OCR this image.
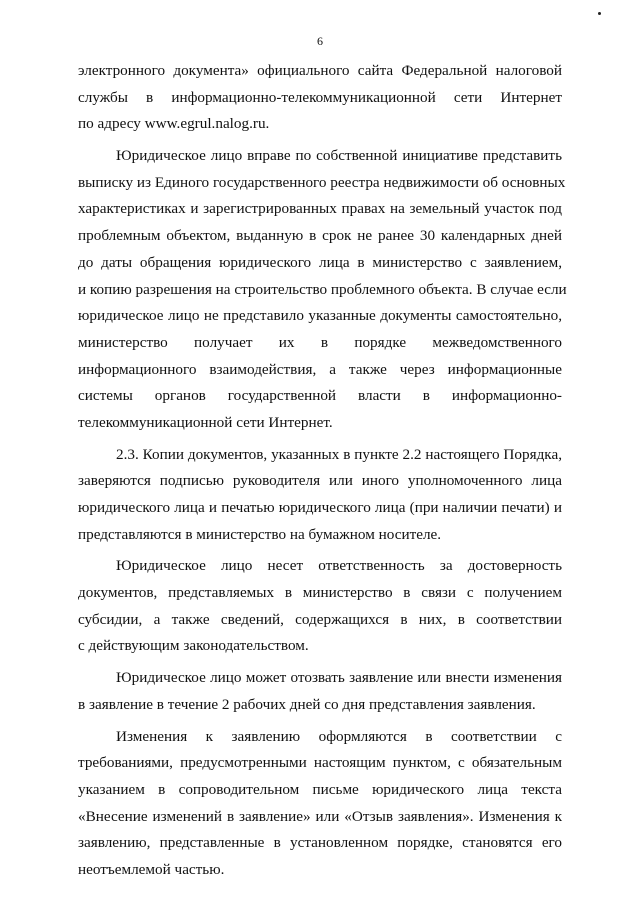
6
электронного документа» официального сайта Федеральной налоговой
службы в информационно-телекоммуникационной сети Интернет
по адресу www.egrul.nalog.ru.
Юридическое лицо вправе по собственной инициативе представить
выписку из Единого государственного реестра недвижимости об основных
характеристиках и зарегистрированных правах на земельный участок под
проблемным объектом, выданную в срок не ранее 30 календарных дней
до даты обращения юридического лица в министерство с заявлением,
и копию разрешения на строительство проблемного объекта. В случае если
юридическое лицо не представило указанные документы самостоятельно,
министерство получает их в порядке межведомственного
информационного взаимодействия, а также через информационные
системы органов государственной власти в информационно-
телекоммуникационной сети Интернет.
2.3. Копии документов, указанных в пункте 2.2 настоящего Порядка,
заверяются подписью руководителя или иного уполномоченного лица
юридического лица и печатью юридического лица (при наличии печати) и
представляются в министерство на бумажном носителе.
Юридическое лицо несет ответственность за достоверность
документов, представляемых в министерство в связи с получением
субсидии, а также сведений, содержащихся в них, в соответствии
с действующим законодательством.
Юридическое лицо может отозвать заявление или внести изменения
в заявление в течение 2 рабочих дней со дня представления заявления.
Изменения к заявлению оформляются в соответствии с
требованиями, предусмотренными настоящим пунктом, с обязательным
указанием в сопроводительном письме юридического лица текста
«Внесение изменений в заявление» или «Отзыв заявления». Изменения к
заявлению, представленные в установленном порядке, становятся его
неотъемлемой частью.
